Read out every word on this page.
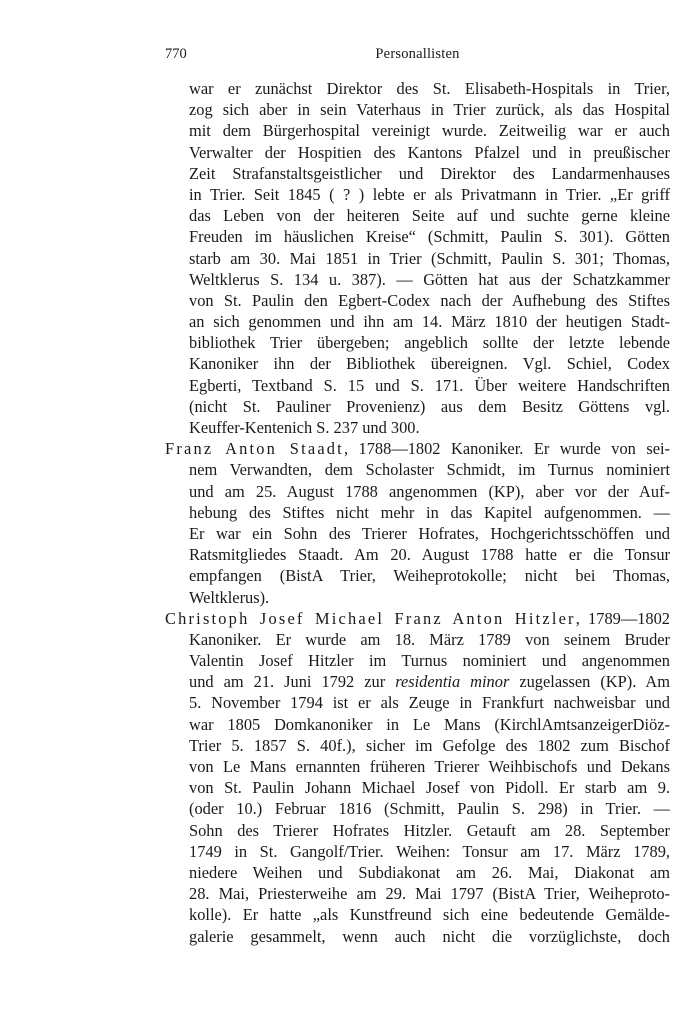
770	Personallisten
war er zunächst Direktor des St. Elisabeth-Hospitals in Trier,
zog sich aber in sein Vaterhaus in Trier zurück, als das Hospital
mit dem Bürgerhospital vereinigt wurde. Zeitweilig war er auch
Verwalter der Hospitien des Kantons Pfalzel und in preußischer
Zeit Strafanstaltsgeistlicher und Direktor des Landarmenhauses
in Trier. Seit 1845 ( ? ) lebte er als Privatmann in Trier. „Er griff
das Leben von der heiteren Seite auf und suchte gerne kleine
Freuden im häuslichen Kreise“ (Schmitt, Paulin S. 301). Götten
starb am 30. Mai 1851 in Trier (Schmitt, Paulin S. 301; Thomas,
Weltklerus S. 134 u. 387). — Götten hat aus der Schatzkammer
von St. Paulin den Egbert-Codex nach der Aufhebung des Stiftes
an sich genommen und ihn am 14. März 1810 der heutigen Stadt-
bibliothek Trier übergeben; angeblich sollte der letzte lebende
Kanoniker ihn der Bibliothek übereignen. Vgl. Schiel, Codex
Egberti, Textband S. 15 und S. 171. Über weitere Handschriften
(nicht St. Pauliner Provenienz) aus dem Besitz Göttens vgl.
Keuffer-Kentenich S. 237 und 300.
Franz Anton Staadt, 1788—1802 Kanoniker. Er wurde von sei-
nem Verwandten, dem Scholaster Schmidt, im Turnus nominiert
und am 25. August 1788 angenommen (KP), aber vor der Auf-
hebung des Stiftes nicht mehr in das Kapitel aufgenommen. —
Er war ein Sohn des Trierer Hofrates, Hochgerichtsschöffen und
Ratsmitgliedes Staadt. Am 20. August 1788 hatte er die Tonsur
empfangen (BistA Trier, Weiheprotokolle; nicht bei Thomas,
Weltklerus).
Christoph Josef Michael Franz Anton Hitzler, 1789—1802
Kanoniker. Er wurde am 18. März 1789 von seinem Bruder
Valentin Josef Hitzler im Turnus nominiert und angenommen
und am 21. Juni 1792 zur residentia minor zugelassen (KP). Am
5. November 1794 ist er als Zeuge in Frankfurt nachweisbar und
war 1805 Domkanoniker in Le Mans (KirchlAmtsanzeigerDiöz-
Trier 5. 1857 S. 40f.), sicher im Gefolge des 1802 zum Bischof
von Le Mans ernannten früheren Trierer Weihbischofs und Dekans
von St. Paulin Johann Michael Josef von Pidoll. Er starb am 9.
(oder 10.) Februar 1816 (Schmitt, Paulin S. 298) in Trier. —
Sohn des Trierer Hofrates Hitzler. Getauft am 28. September
1749 in St. Gangolf/Trier. Weihen: Tonsur am 17. März 1789,
niedere Weihen und Subdiakonat am 26. Mai, Diakonat am
28. Mai, Priesterweihe am 29. Mai 1797 (BistA Trier, Weiheproto-
kolle). Er hatte „als Kunstfreund sich eine bedeutende Gemälde-
galerie gesammelt, wenn auch nicht die vorzüglichste, doch
